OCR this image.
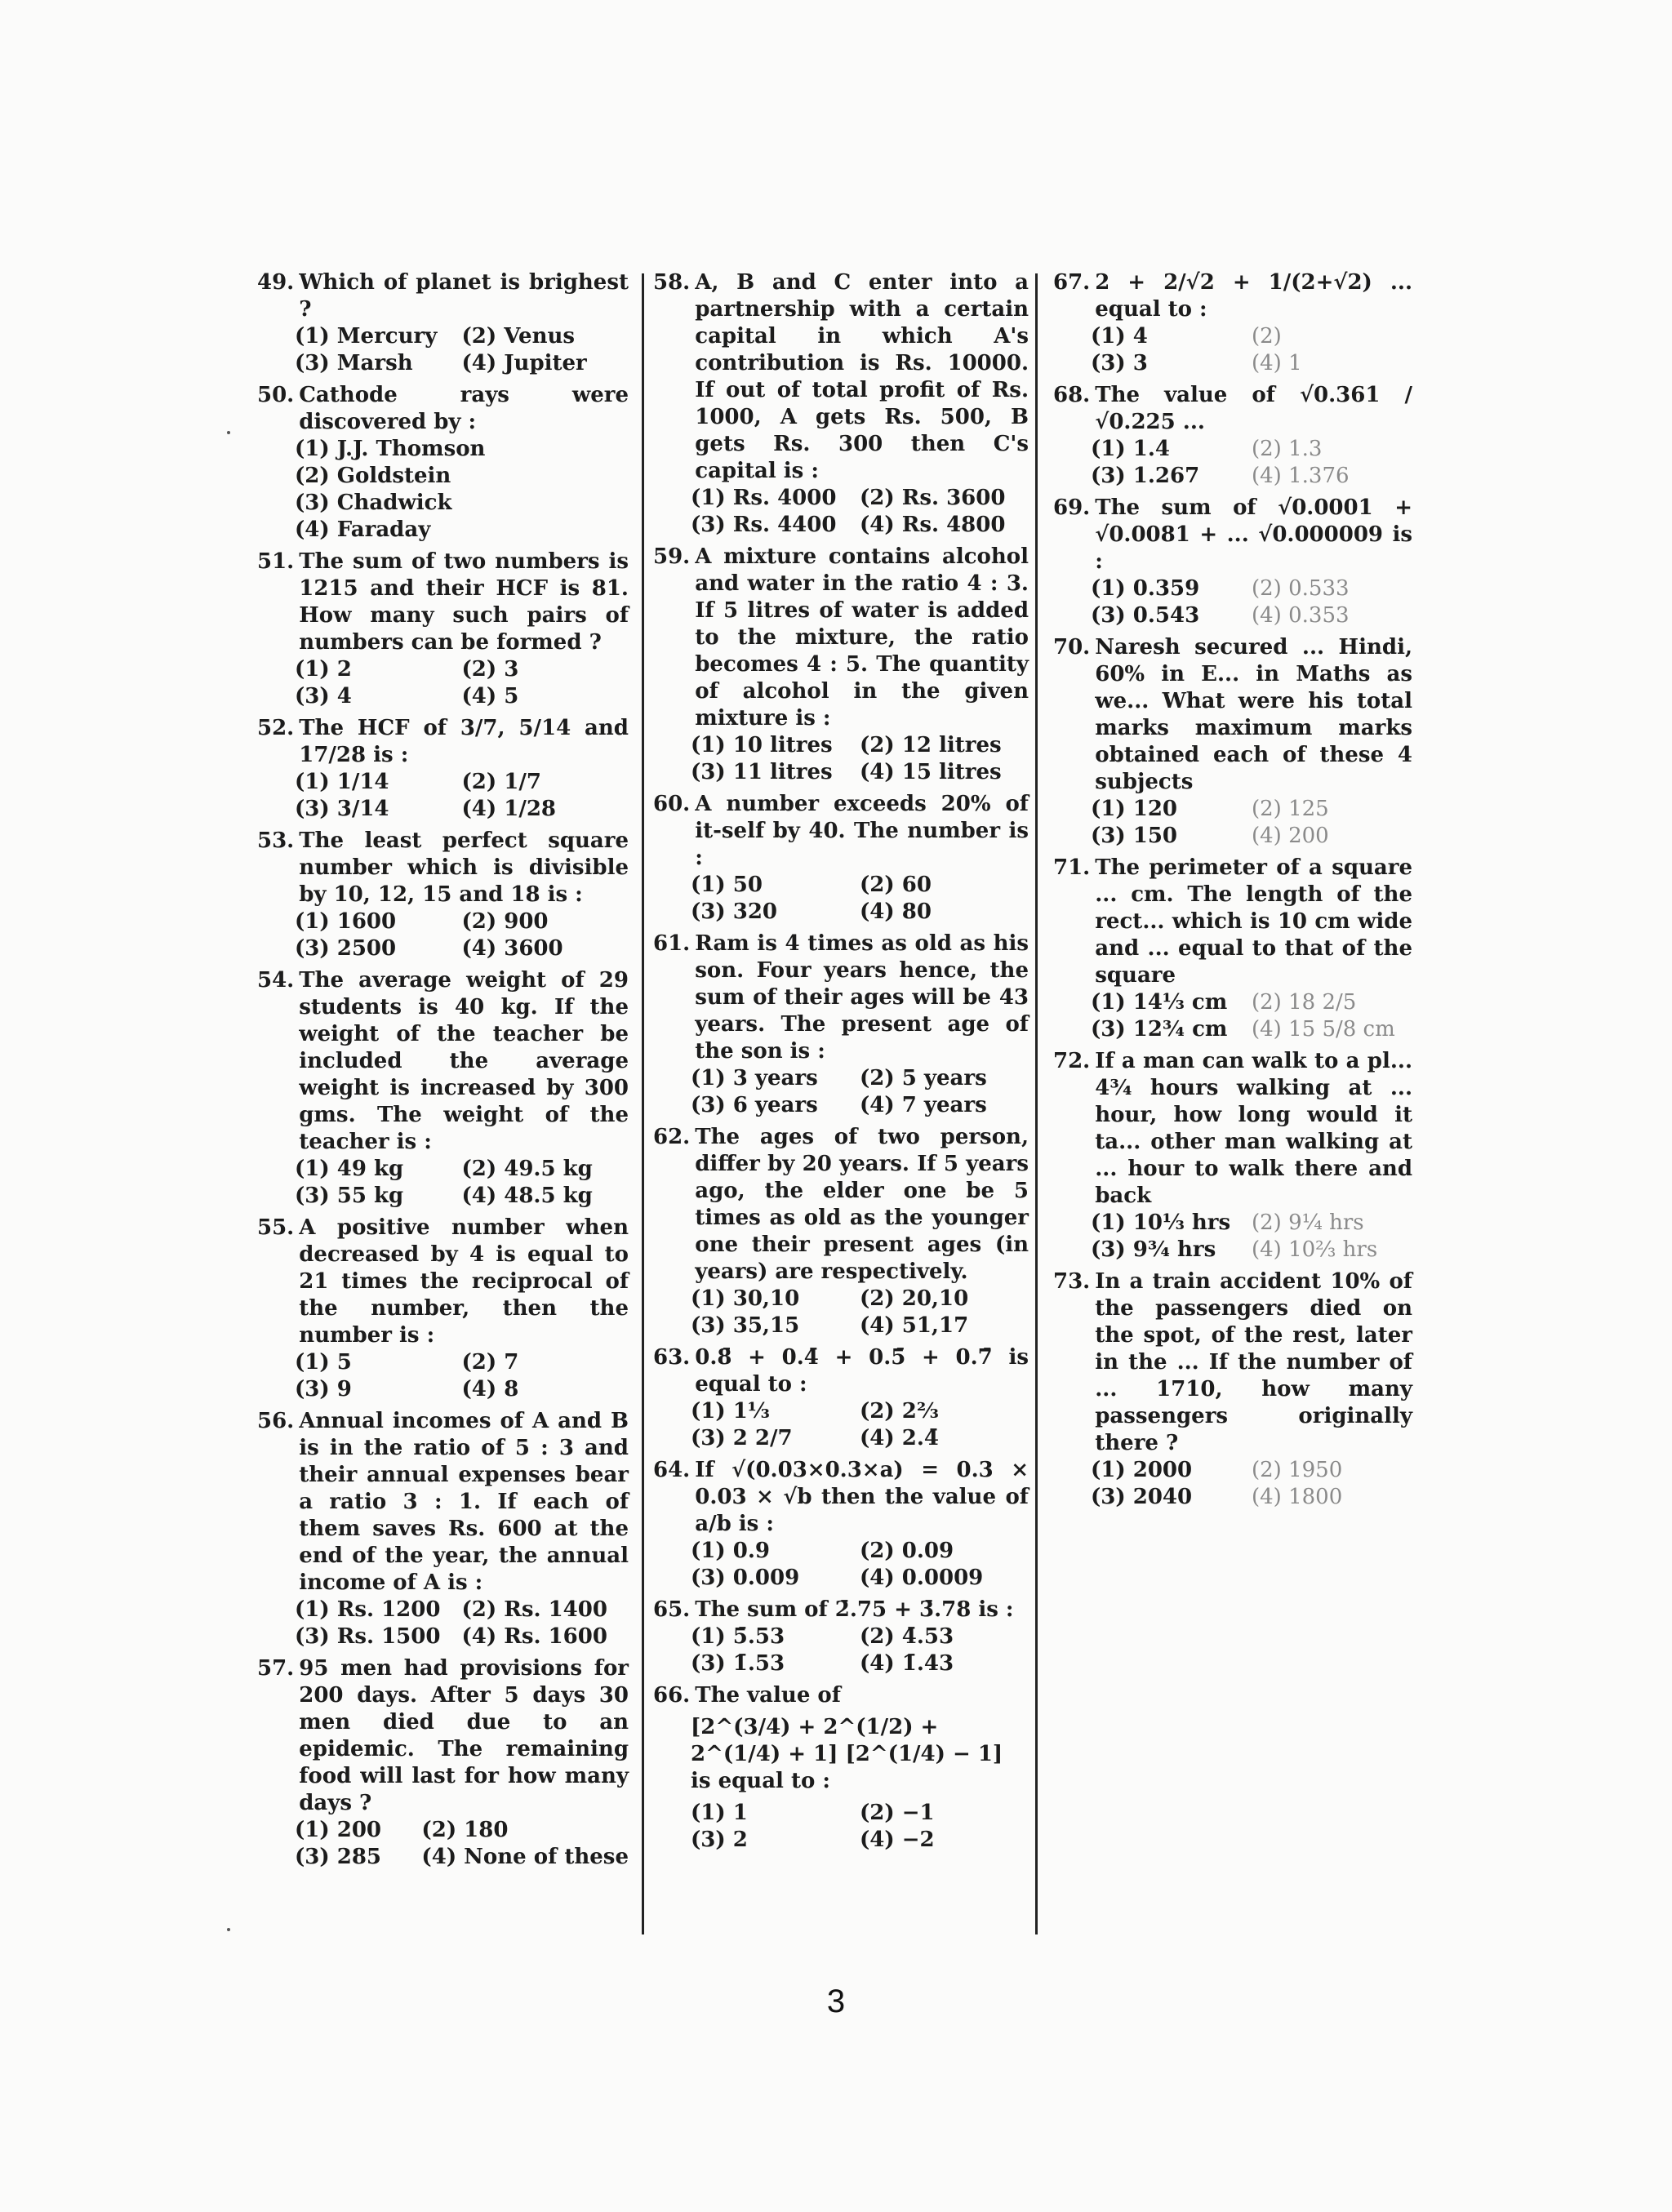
49. Which of planet is brighest ?
(1) Mercury	(2) Venus
(3) Marsh	(4) Jupiter
50. Cathode rays were discovered by :
(1) J.J. Thomson
(2) Goldstein
(3) Chadwick
(4) Faraday
51. The sum of two numbers is 1215 and their HCF is 81. How many such pairs of numbers can be formed ?
(1) 2	(2) 3
(3) 4	(4) 5
52. The HCF of 3/7, 5/14 and 17/28 is :
(1) 1/14	(2) 1/7
(3) 3/14	(4) 1/28
53. The least perfect square number which is divisible by 10, 12, 15 and 18 is :
(1) 1600	(2) 900
(3) 2500	(4) 3600
54. The average weight of 29 students is 40 kg. If the weight of the teacher be included the average weight is increased by 300 gms. The weight of the teacher is :
(1) 49 kg	(2) 49.5 kg
(3) 55 kg	(4) 48.5 kg
55. A positive number when decreased by 4 is equal to 21 times the reciprocal of the number, then the number is :
(1) 5	(2) 7
(3) 9	(4) 8
56. Annual incomes of A and B is in the ratio of 5 : 3 and their annual expenses bear a ratio 3 : 1. If each of them saves Rs. 600 at the end of the year, the annual income of A is :
(1) Rs. 1200	(2) Rs. 1400
(3) Rs. 1500	(4) Rs. 1600
57. 95 men had provisions for 200 days. After 5 days 30 men died due to an epidemic. The remaining food will last for how many days ?
(1) 200	(2) 180
(3) 285	(4) None of these
58. A, B and C enter into a partnership with a certain capital in which A's contribution is Rs. 10000. If out of total profit of Rs. 1000, A gets Rs. 500, B gets Rs. 300 then C's capital is :
(1) Rs. 4000	(2) Rs. 3600
(3) Rs. 4400	(4) Rs. 4800
59. A mixture contains alcohol and water in the ratio 4 : 3. If 5 litres of water is added to the mixture, the ratio becomes 4 : 5. The quantity of alcohol in the given mixture is :
(1) 10 litres	(2) 12 litres
(3) 11 litres	(4) 15 litres
60. A number exceeds 20% of it-self by 40. The number is :
(1) 50	(2) 60
(3) 320	(4) 80
61. Ram is 4 times as old as his son. Four years hence, the sum of their ages will be 43 years. The present age of the son is :
(1) 3 years	(2) 5 years
(3) 6 years	(4) 7 years
62. The ages of two person, differ by 20 years. If 5 years ago, the elder one be 5 times as old as the younger one their present ages (in years) are respectively.
(1) 30,10	(2) 20,10
(3) 35,15	(4) 51,17
63. 0.8̄ + 0.4̄ + 0.5̄ + 0.7̄ is equal to :
(1) 1⅓	(2) 2⅔
(3) 2 2/7	(4) 2.4̄
64. If √(0.03×0.3×a) = 0.3 × 0.03 × √b then the value of a/b is :
(1) 0.9	(2) 0.09
(3) 0.009	(4) 0.0009
65. The sum of 2̄.75 + 3̄.78 is :
(1) 5̄.53	(2) 4̄.53
(3) 1̄.53	(4) 1̄.43
66. The value of
[2^(3/4) + 2^(1/2) + 2^(1/4) + 1] [2^(1/4) − 1] is equal to :
(1) 1	(2) −1
(3) 2	(4) −2
67. 2 + 2/√2 + 1/(2+√2) ... equal to :
(1) 4	(2)
(3) 3	(4) 1
68. The value of √0.361 / √0.225 ...
(1) 1.4	(2) 1.3
(3) 1.267	(4) 1.376
69. The sum of √0.0001 + √0.0081 + ... √0.000009 is :
(1) 0.359	(2) 0.533
(3) 0.543	(4) 0.353
70. Naresh secured ... Hindi, 60% in E... in Maths as we... What were his total marks maximum marks obtained each of these 4 subjects
(1) 120	(2) 125
(3) 150	(4) 200
71. The perimeter of a square ... cm. The length of the rect... which is 10 cm wide and ... equal to that of the square
(1) 14⅓ cm	(2) 18 2/5
(3) 12¾ cm	(4) 15 5/8 cm
72. If a man can walk to a pl... 4¾ hours walking at ... hour, how long would it ta... other man walking at ... hour to walk there and back
(1) 10⅓ hrs (2) 9¼ hrs
(3) 9¾ hrs	(4) 10⅔ hrs
73. In a train accident 10% of the passengers died on the spot, of the rest, later in the ... If the number of ... 1710, how many passengers originally there ?
(1) 2000	(2) 1950
(3) 2040	(4) 1800
3
